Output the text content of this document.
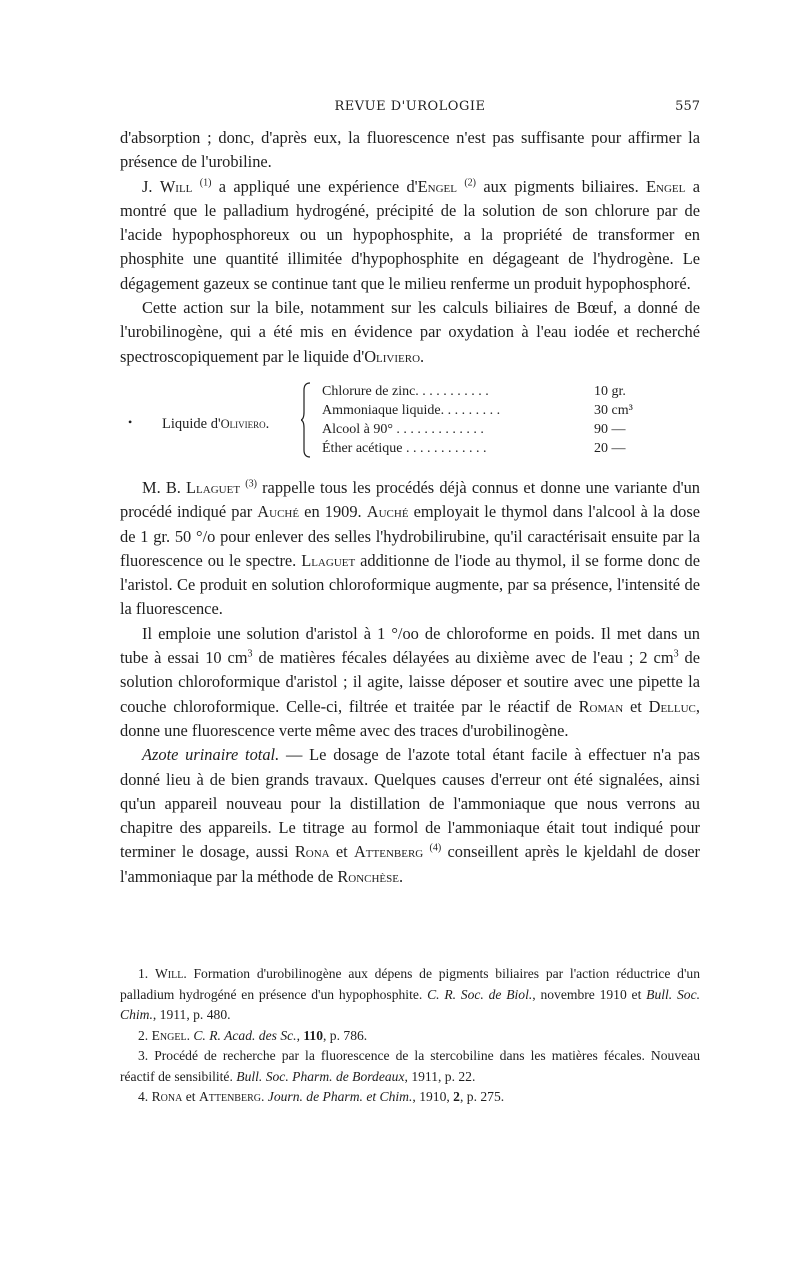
REVUE D'UROLOGIE	557

d'absorption ; donc, d'après eux, la fluorescence n'est pas suffisante pour affirmer la présence de l'urobiline.

J. Will $^{(1)}$ a appliqué une expérience d'Engel $^{(2)}$ aux pigments biliaires. Engel a montré que le palladium hydrogéné, précipité de la solution de son chlorure par de l'acide hypophosphoreux ou un hypophosphite, a la propriété de transformer en phosphite une quantité illimitée d'hypophosphite en dégageant de l'hydrogène. Le dégagement gazeux se continue tant que le milieu renferme un produit hypophosphoré.

Cette action sur la bile, notamment sur les calculs biliaires de Bœuf, a donné de l'urobilinogène, qui a été mis en évidence par oxydation à l'eau iodée et recherché spectroscopiquement par le liquide d'Oliviero.

• Liquide d'Oliviero.
Chlorure de zinc. . . . . . . . . . .	10 gr.
Ammoniaque liquide. . . . . . . . .	30 cm³
Alcool à 90° . . . . . . . . . . . . .	90 —
Éther acétique . . . . . . . . . . . .	20 —

M. B. Llaguet $^{(3)}$ rappelle tous les procédés déjà connus et donne une variante d'un procédé indiqué par Auché en 1909. Auché employait le thymol dans l'alcool à la dose de 1 gr. 50 °/o pour enlever des selles l'hydrobilirubine, qu'il caractérisait ensuite par la fluorescence ou le spectre. Llaguet additionne de l'iode au thymol, il se forme donc de l'aristol. Ce produit en solution chloroformique augmente, par sa présence, l'intensité de la fluorescence.

Il emploie une solution d'aristol à 1 °/oo de chloroforme en poids. Il met dans un tube à essai 10 $cm^3$ de matières fécales délayées au dixième avec de l'eau ; 2 $cm^3$ de solution chloroformique d'aristol ; il agite, laisse déposer et soutire avec une pipette la couche chloroformique. Celle-ci, filtrée et traitée par le réactif de Roman et Delluc, donne une fluorescence verte même avec des traces d'urobilinogène.

Azote urinaire total. — Le dosage de l'azote total étant facile à effectuer n'a pas donné lieu à de bien grands travaux. Quelques causes d'erreur ont été signalées, ainsi qu'un appareil nouveau pour la distillation de l'ammoniaque que nous verrons au chapitre des appareils. Le titrage au formol de l'ammoniaque était tout indiqué pour terminer le dosage, aussi Rona et Attenberg $^{(4)}$ conseillent après le kjeldahl de doser l'ammoniaque par la méthode de Ronchèse.

1. Will. Formation d'urobilinogène aux dépens de pigments biliaires par l'action réductrice d'un palladium hydrogéné en présence d'un hypophosphite. C. R. Soc. de Biol., novembre 1910 et Bull. Soc. Chim., 1911, p. 480.

2. Engel. C. R. Acad. des Sc., 110, p. 786.

3. Procédé de recherche par la fluorescence de la stercobiline dans les matières fécales. Nouveau réactif de sensibilité. Bull. Soc. Pharm. de Bordeaux, 1911, p. 22.

4. Rona et Attenberg. Journ. de Pharm. et Chim., 1910, 2, p. 275.
